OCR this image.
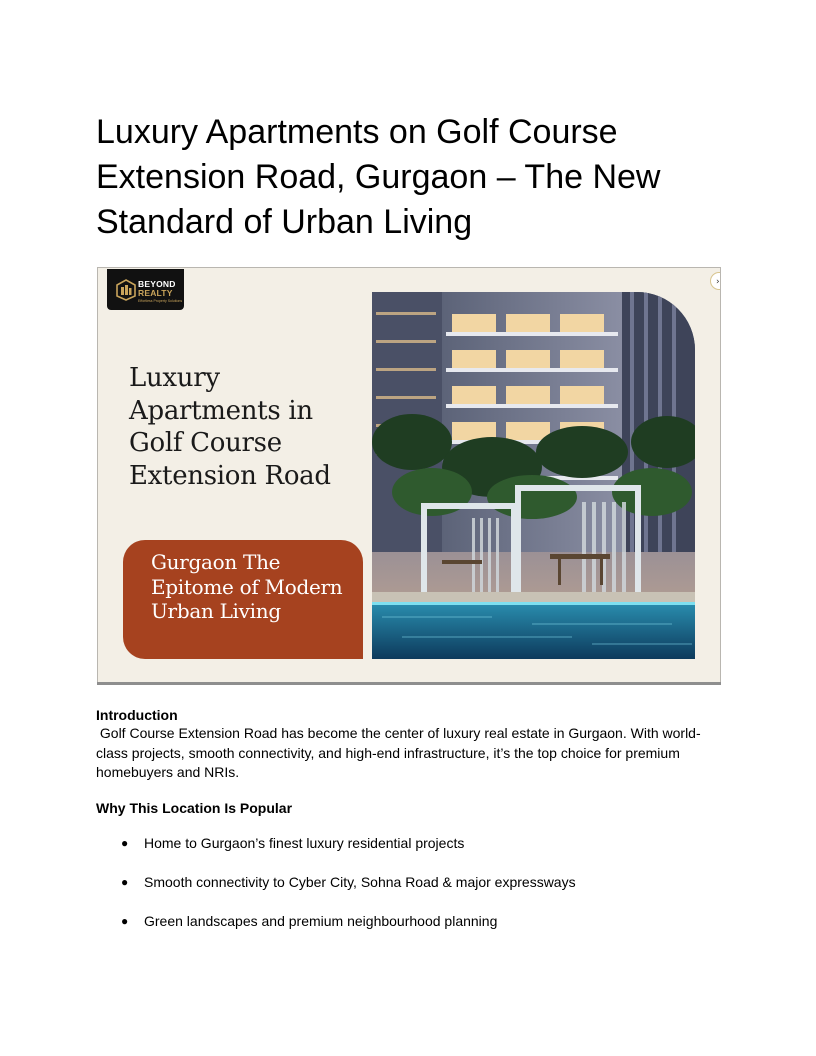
Luxury Apartments on Golf Course Extension Road, Gurgaon – The New Standard of Urban Living
BEYOND
REALTY
Effortless Property Solutions
›
Luxury Apartments in Golf Course Extension Road
Gurgaon The Epitome of Modern Urban Living
Introduction

Golf Course Extension Road has become the center of luxury real estate in Gurgaon. With world-class projects, smooth connectivity, and high-end infrastructure, it’s the top choice for premium homebuyers and NRIs.

Why This Location Is Popular
● Home to Gurgaon’s finest luxury residential projects
● Smooth connectivity to Cyber City, Sohna Road & major expressways
● Green landscapes and premium neighbourhood planning
